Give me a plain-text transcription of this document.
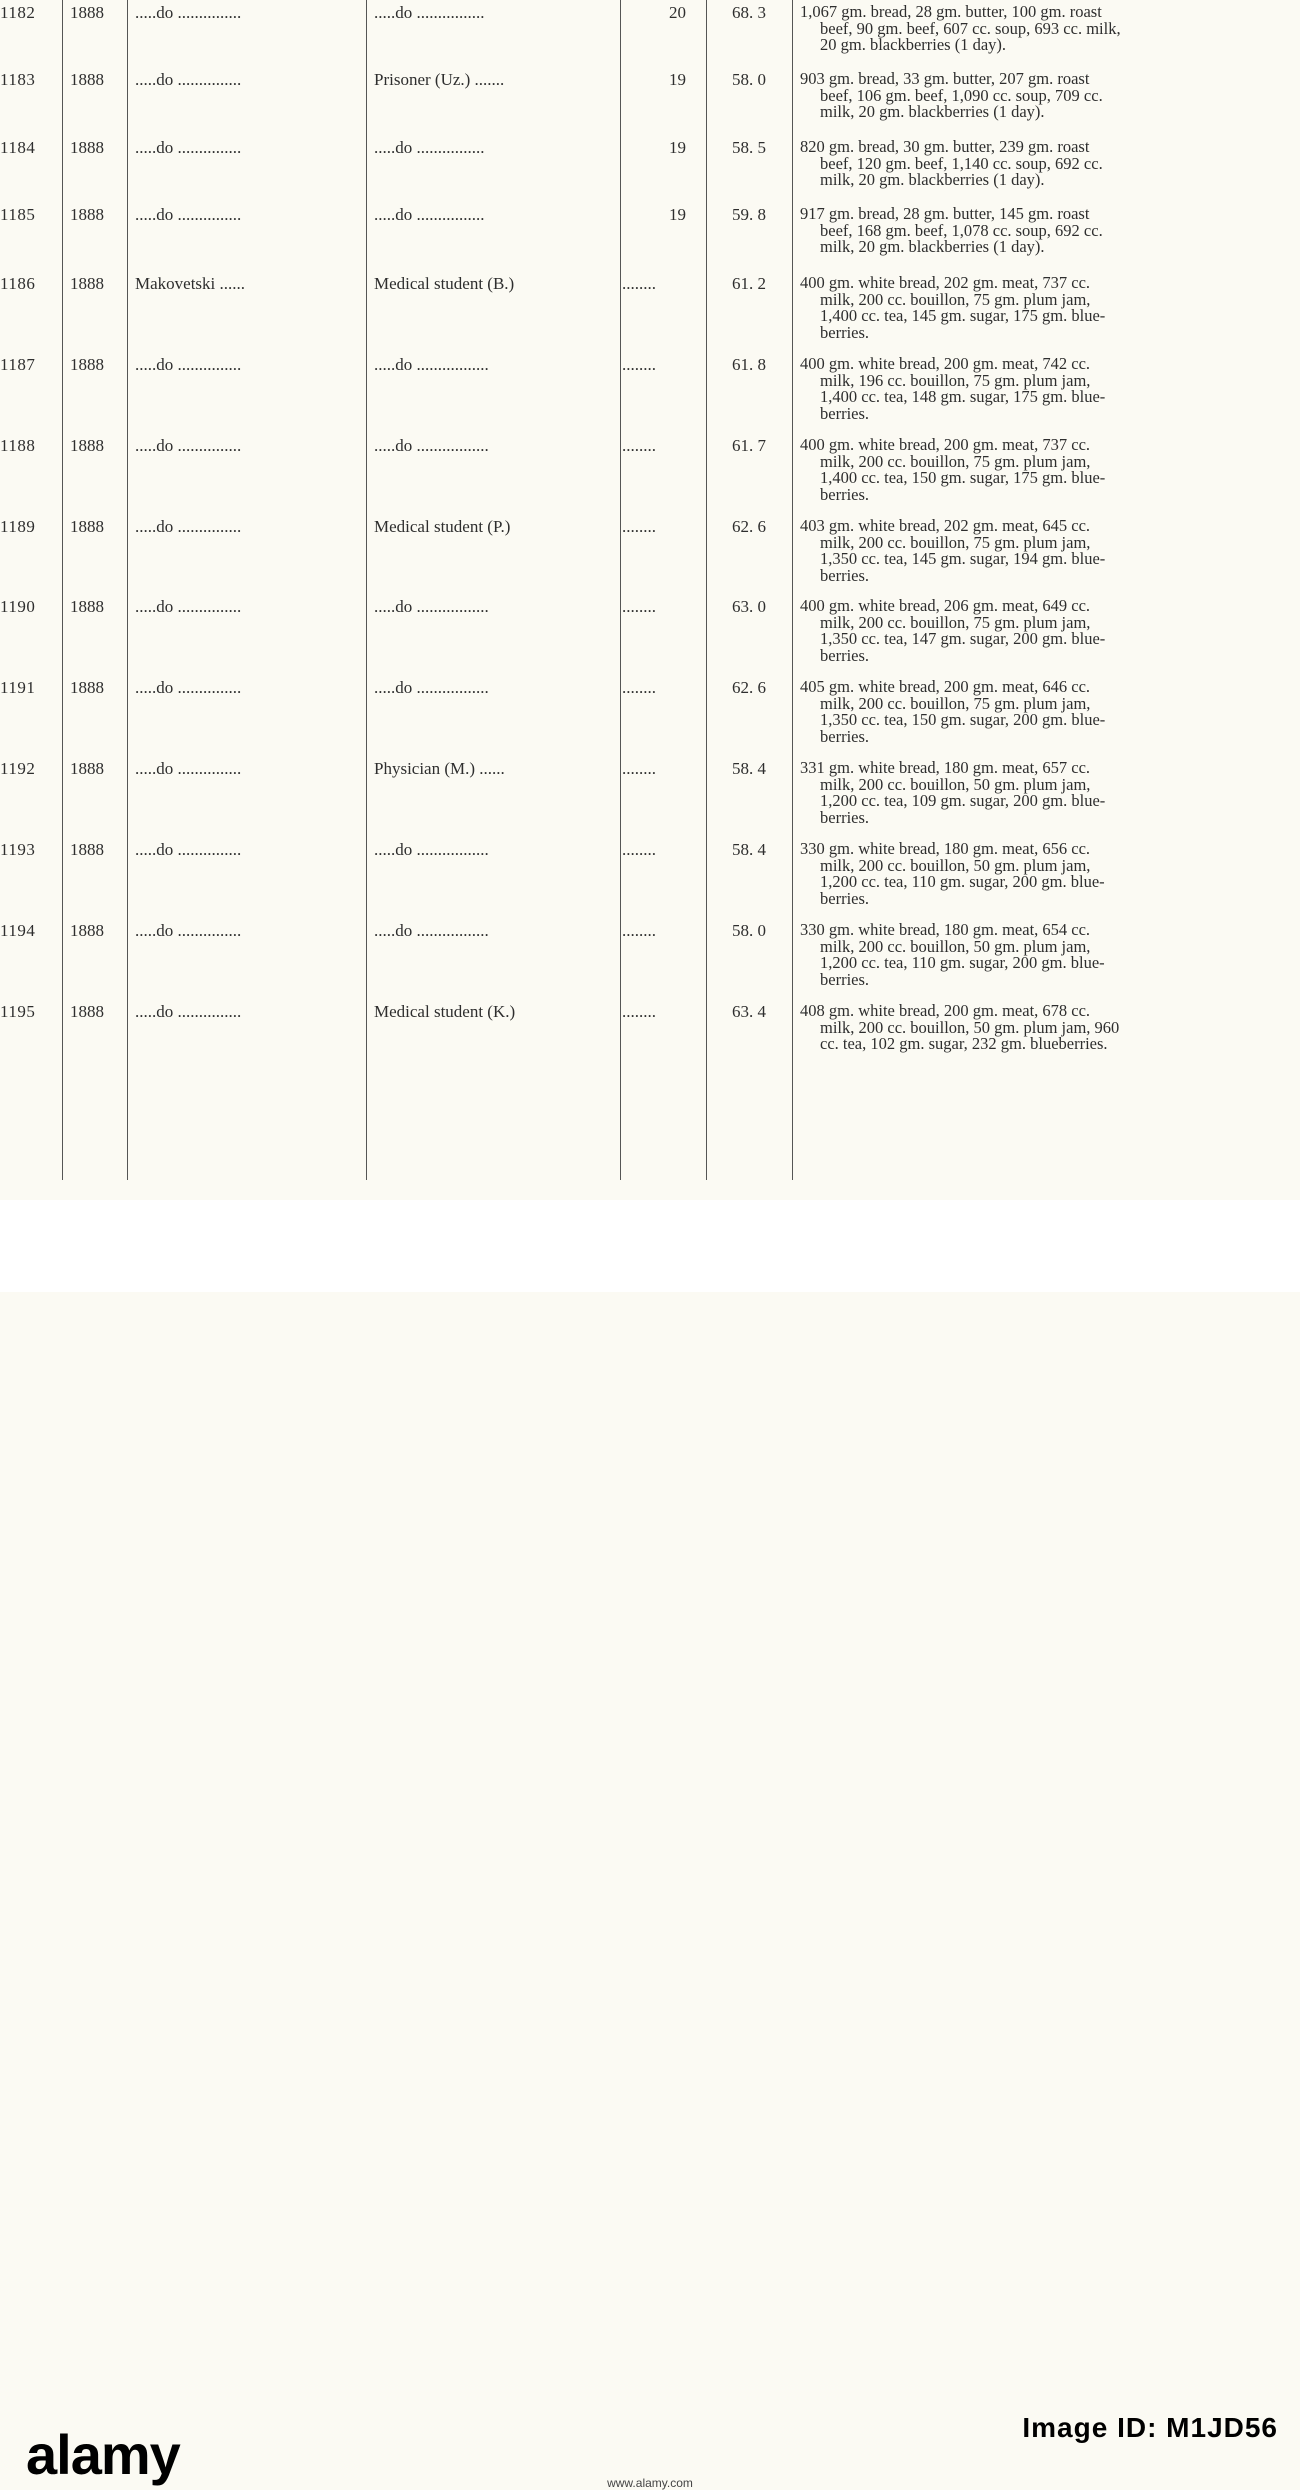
1182	1888	.....do ...............	.....do ................	20	68. 3 1,067 gm. bread, 28 gm. butter, 100 gm. roast
beef, 90 gm. beef, 607 cc. soup, 693 cc. milk,
20 gm. blackberries (1 day).
1183	1888	.....do ...............	Prisoner (Uz.) .......	19	58. 0 903 gm. bread, 33 gm. butter, 207 gm. roast
beef, 106 gm. beef, 1,090 cc. soup, 709 cc.
milk, 20 gm. blackberries (1 day).
1184	1888	.....do ...............	.....do ................	19	58. 5 820 gm. bread, 30 gm. butter, 239 gm. roast
beef, 120 gm. beef, 1,140 cc. soup, 692 cc.
milk, 20 gm. blackberries (1 day).
1185	1888	.....do ...............	.....do ................	19	59. 8 917 gm. bread, 28 gm. butter, 145 gm. roast
beef, 168 gm. beef, 1,078 cc. soup, 692 cc.
milk, 20 gm. blackberries (1 day).
1186	1888	Makovetski ......	Medical student (B.)	........	61. 2 400 gm. white bread, 202 gm. meat, 737 cc.
milk, 200 cc. bouillon, 75 gm. plum jam,
1,400 cc. tea, 145 gm. sugar, 175 gm. blue-
berries.
1187	1888	.....do ...............	.....do .................	........	61. 8 400 gm. white bread, 200 gm. meat, 742 cc.
milk, 196 cc. bouillon, 75 gm. plum jam,
1,400 cc. tea, 148 gm. sugar, 175 gm. blue-
berries.
1188	1888	.....do ...............	.....do .................	........	61. 7 400 gm. white bread, 200 gm. meat, 737 cc.
milk, 200 cc. bouillon, 75 gm. plum jam,
1,400 cc. tea, 150 gm. sugar, 175 gm. blue-
berries.
1189	1888	.....do ...............	Medical student (P.)	........	62. 6 403 gm. white bread, 202 gm. meat, 645 cc.
milk, 200 cc. bouillon, 75 gm. plum jam,
1,350 cc. tea, 145 gm. sugar, 194 gm. blue-
berries.
1190	1888	.....do ...............	.....do .................	........	63. 0 400 gm. white bread, 206 gm. meat, 649 cc.
milk, 200 cc. bouillon, 75 gm. plum jam,
1,350 cc. tea, 147 gm. sugar, 200 gm. blue-
berries.
1191	1888	.....do ...............	.....do .................	........	62. 6 405 gm. white bread, 200 gm. meat, 646 cc.
milk, 200 cc. bouillon, 75 gm. plum jam,
1,350 cc. tea, 150 gm. sugar, 200 gm. blue-
berries.
1192	1888	.....do ...............	Physician (M.) ......	........	58. 4 331 gm. white bread, 180 gm. meat, 657 cc.
milk, 200 cc. bouillon, 50 gm. plum jam,
1,200 cc. tea, 109 gm. sugar, 200 gm. blue-
berries.
1193	1888	.....do ...............	.....do .................	........	58. 4 330 gm. white bread, 180 gm. meat, 656 cc.
milk, 200 cc. bouillon, 50 gm. plum jam,
1,200 cc. tea, 110 gm. sugar, 200 gm. blue-
berries.
1194	1888	.....do ...............	.....do .................	........	58. 0 330 gm. white bread, 180 gm. meat, 654 cc.
milk, 200 cc. bouillon, 50 gm. plum jam,
1,200 cc. tea, 110 gm. sugar, 200 gm. blue-
berries.
1195	1888	.....do ...............	Medical student (K.)	........	63. 4 408 gm. white bread, 200 gm. meat, 678 cc.
milk, 200 cc. bouillon, 50 gm. plum jam, 960
cc. tea, 102 gm. sugar, 232 gm. blueberries.
alamy	Image ID: M1JD56
www.alamy.com
